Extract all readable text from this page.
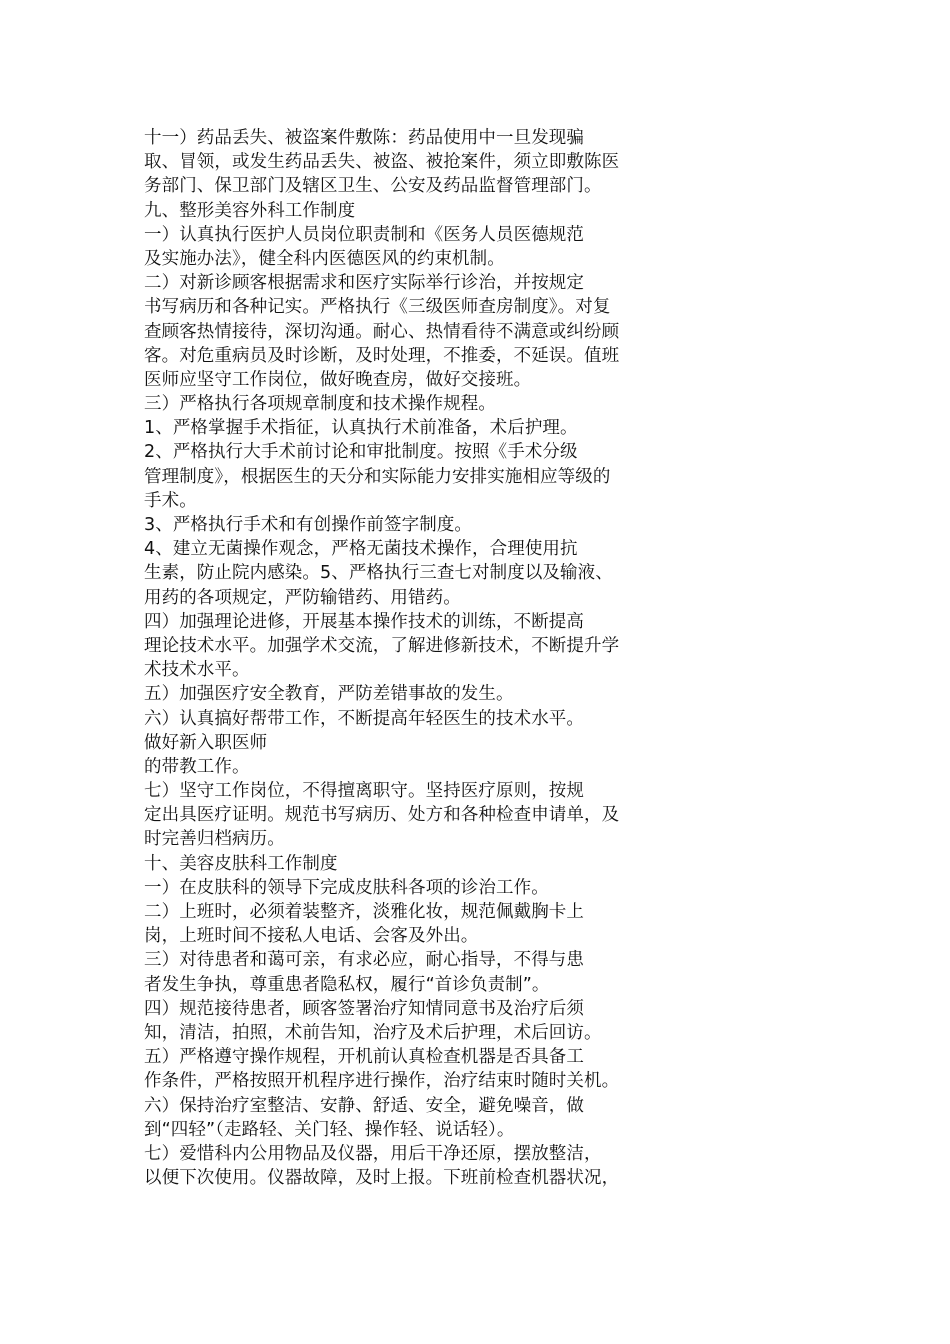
十一）药品丢失、被盗案件敷陈：药品使用中一旦发现骗
取、冒领，或发生药品丢失、被盗、被抢案件，须立即敷陈医
务部门、保卫部门及辖区卫生、公安及药品监督管理部门。
九、整形美容外科工作制度
一）认真执行医护人员岗位职责制和《医务人员医德规范
及实施办法》，健全科内医德医风的约束机制。
二）对新诊顾客根据需求和医疗实际举行诊治，并按规定
书写病历和各种记实。严格执行《三级医师查房制度》。对复
查顾客热情接待，深切沟通。耐心、热情看待不满意或纠纷顾
客。对危重病员及时诊断，及时处理，不推委，不延误。值班
医师应坚守工作岗位，做好晚查房，做好交接班。
三）严格执行各项规章制度和技术操作规程。
1、严格掌握手术指征，认真执行术前准备，术后护理。
2、严格执行大手术前讨论和审批制度。按照《手术分级
管理制度》，根据医生的天分和实际能力安排实施相应等级的
手术。
3、严格执行手术和有创操作前签字制度。
4、建立无菌操作观念，严格无菌技术操作，合理使用抗
生素，防止院内感染。5、严格执行三查七对制度以及输液、
用药的各项规定，严防输错药、用错药。
四）加强理论进修，开展基本操作技术的训练，不断提高
理论技术水平。加强学术交流，了解进修新技术，不断提升学
术技术水平。
五）加强医疗安全教育，严防差错事故的发生。
六）认真搞好帮带工作，不断提高年轻医生的技术水平。
做好新入职医师
的带教工作。
七）坚守工作岗位，不得擅离职守。坚持医疗原则，按规
定出具医疗证明。规范书写病历、处方和各种检查申请单，及
时完善归档病历。
十、美容皮肤科工作制度
一）在皮肤科的领导下完成皮肤科各项的诊治工作。
二）上班时，必须着装整齐，淡雅化妆，规范佩戴胸卡上
岗，上班时间不接私人电话、会客及外出。
三）对待患者和蔼可亲，有求必应，耐心指导，不得与患
者发生争执，尊重患者隐私权，履行“首诊负责制”。
四）规范接待患者，顾客签署治疗知情同意书及治疗后须
知，清洁，拍照，术前告知，治疗及术后护理，术后回访。
五）严格遵守操作规程，开机前认真检查机器是否具备工
作条件，严格按照开机程序进行操作，治疗结束时随时关机。
六）保持治疗室整洁、安静、舒适、安全，避免噪音，做
到“四轻”（走路轻、关门轻、操作轻、说话轻）。
七）爱惜科内公用物品及仪器，用后干净还原，摆放整洁，
以便下次使用。仪器故障，及时上报。下班前检查机器状况，
